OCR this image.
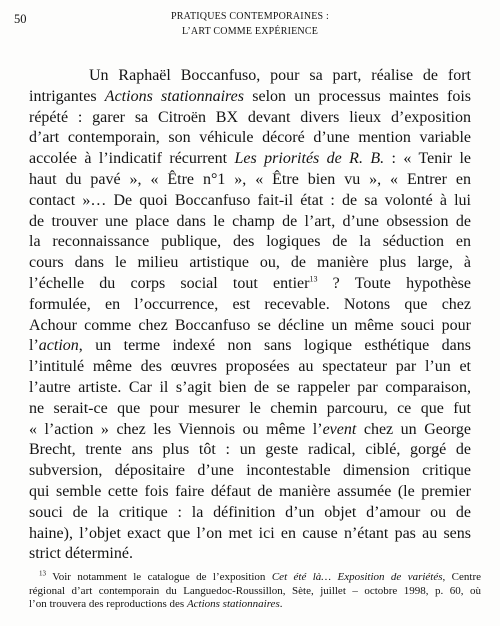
50	PRATIQUES CONTEMPORAINES :
L’ART COMME EXPÉRIENCE
Un Raphaël Boccanfuso, pour sa part, réalise de fort
intrigantes Actions stationnaires selon un processus maintes fois
répété : garer sa Citroën BX devant divers lieux d’exposition
d’art contemporain, son véhicule décoré d’une mention variable
accolée à l’indicatif récurrent Les priorités de R. B. : « Tenir le
haut du pavé », « Être n°1 », « Être bien vu », « Entrer en
contact »… De quoi Boccanfuso fait-il état : de sa volonté à lui
de trouver une place dans le champ de l’art, d’une obsession de
la reconnaissance publique, des logiques de la séduction en
cours dans le milieu artistique ou, de manière plus large, à
l’échelle du corps social tout entier$^{13}$ ? Toute hypothèse
formulée, en l’occurrence, est recevable. Notons que chez
Achour comme chez Boccanfuso se décline un même souci pour
l’action, un terme indexé non sans logique esthétique dans
l’intitulé même des œuvres proposées au spectateur par l’un et
l’autre artiste. Car il s’agit bien de se rappeler par comparaison,
ne serait-ce que pour mesurer le chemin parcouru, ce que fut
« l’action » chez les Viennois ou même l’event chez un George
Brecht, trente ans plus tôt : un geste radical, ciblé, gorgé de
subversion, dépositaire d’une incontestable dimension critique
qui semble cette fois faire défaut de manière assumée (le premier
souci de la critique : la définition d’un objet d’amour ou de
haine), l’objet exact que l’on met ici en cause n’étant pas au sens
strict déterminé.
$^{13}$ Voir notamment le catalogue de l’exposition Cet été là… Exposition de variétés, Centre
régional d’art contemporain du Languedoc-Roussillon, Sète, juillet – octobre 1998, p. 60, où
l’on trouvera des reproductions des Actions stationnaires.
